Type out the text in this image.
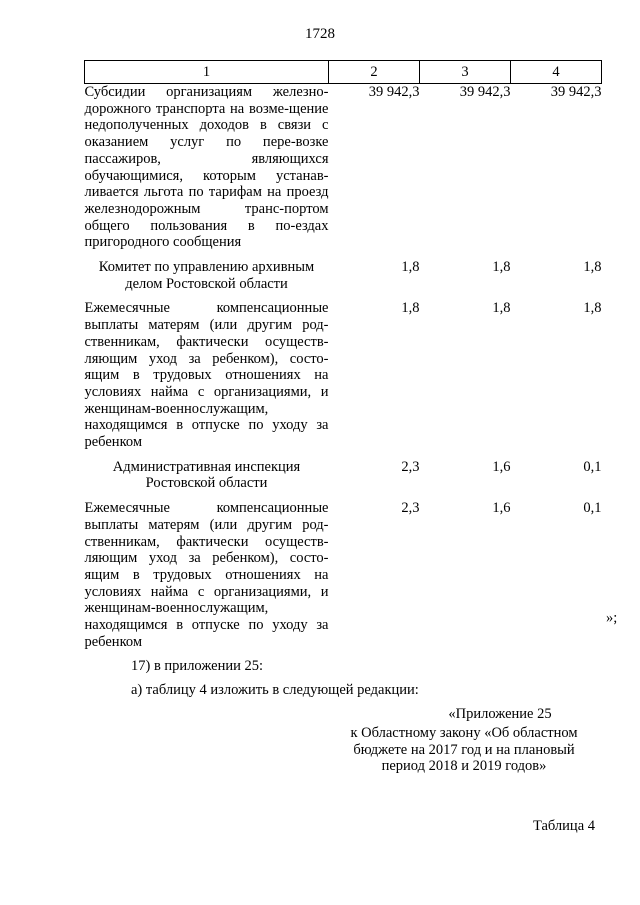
1728
1	2	3	4
Субсидии организациям железно-дорожного транспорта на возме-щение недополученных доходов в связи с оказанием услуг по пере-возке пассажиров, являющихся обучающимися, которым устанав-ливается льгота по тарифам на проезд железнодорожным транс-портом общего пользования в по-ездах пригородного сообщения	39 942,3	39 942,3	39 942,3

Комитет по управлению архивным делом Ростовской области	1,8	1,8	1,8

Ежемесячные компенсационные выплаты матерям (или другим род-ственникам, фактически осуществ-ляющим уход за ребенком), состо-ящим в трудовых отношениях на условиях найма с организациями, и женщинам-военнослужащим, находящимся в отпуске по уходу за ребенком	1,8	1,8	1,8

Административная инспекция Ростовской области	2,3	1,6	0,1

Ежемесячные компенсационные выплаты матерям (или другим род-ственникам, фактически осуществ-ляющим уход за ребенком), состо-ящим в трудовых отношениях на условиях найма с организациями, и женщинам-военнослужащим, находящимся в отпуске по уходу за ребенком	2,3	1,6	0,1
»;
17) в приложении 25:
а) таблицу 4 изложить в следующей редакции:
«Приложение 25
к Областному закону «Об областном бюджете на 2017 год и на плановый период 2018 и 2019 годов»
Таблица 4
